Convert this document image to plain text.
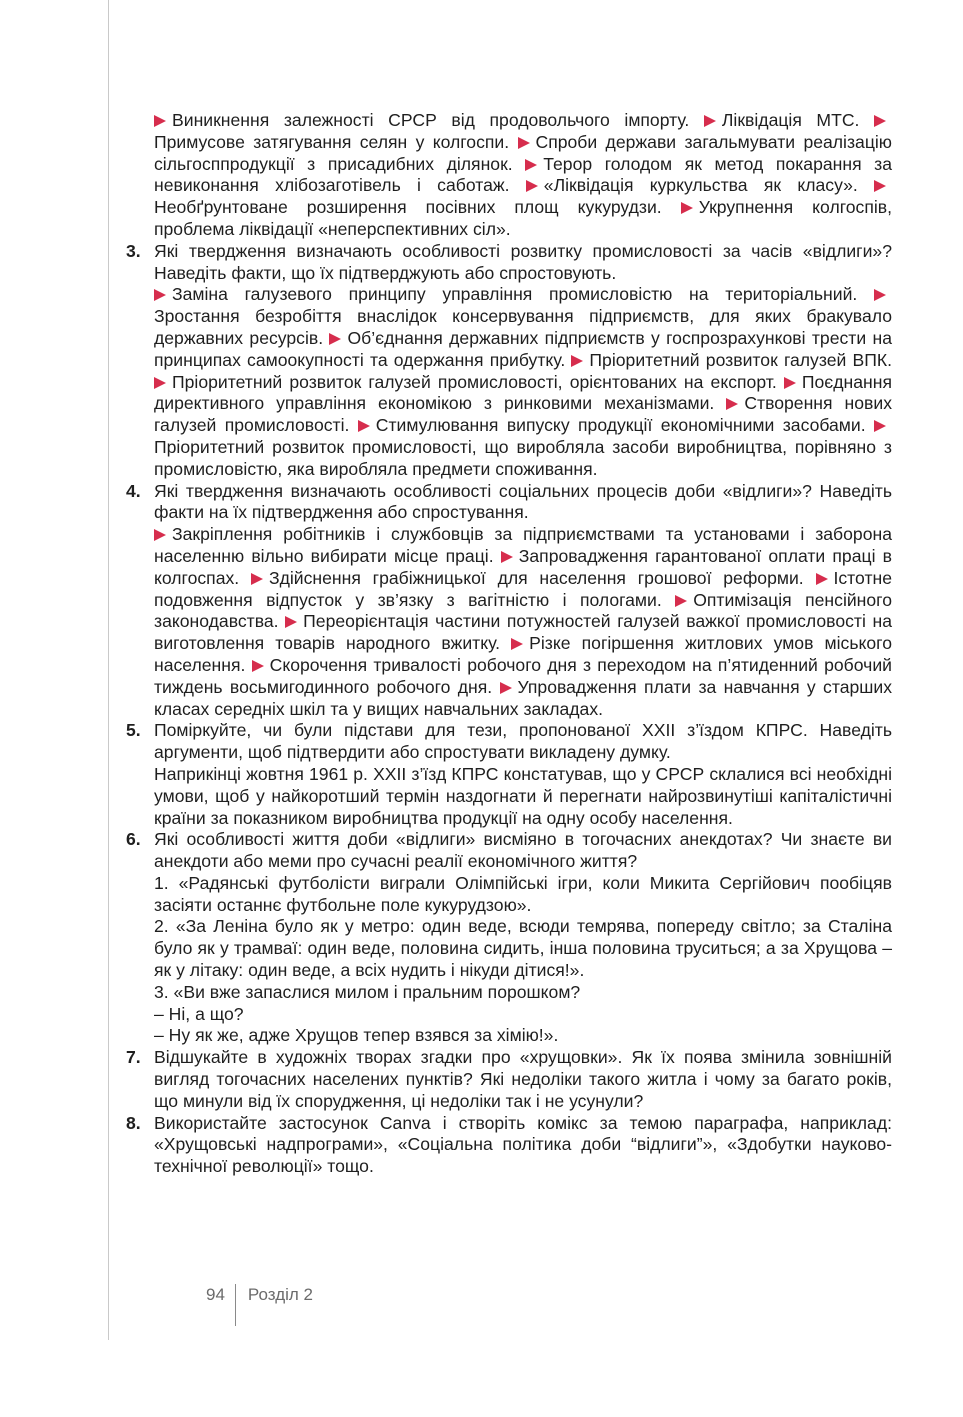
Виникнення залежності СРСР від продовольчого імпорту. Ліквідація МТС. Примусове затягування селян у колгоспи. Спроби держави загальмувати реалізацію сільгосппродукції з присадибних ділянок. Терор голодом як метод покарання за невиконання хлібозаготівель і саботаж. «Ліквідація куркульства як класу». Необґрунтоване розширення посівних площ кукурудзи. Укрупнення колгоспів, проблема ліквідації «неперспективних сіл».
3. Які твердження визначають особливості розвитку промисловості за часів «відлиги»? Наведіть факти, що їх підтверджують або спростовують.
Заміна галузевого принципу управління промисловістю на територіальний. Зростання безробіття внаслідок консервування підприємств, для яких бракувало державних ресурсів. Об’єднання державних підприємств у госпрозрахункові трести на принципах самоокупності та одержання прибутку. Пріоритетний розвиток галузей ВПК. Пріоритетний розвиток галузей промисловості, орієнтованих на експорт. Поєднання директивного управління економікою з ринковими механізмами. Створення нових галузей промисловості. Стимулювання випуску продукції економічними засобами. Пріоритетний розвиток промисловості, що виробляла засоби виробництва, порівняно з промисловістю, яка виробляла предмети споживання.
4. Які твердження визначають особливості соціальних процесів доби «відлиги»? Наведіть факти на їх підтвердження або спростування.
Закріплення робітників і службовців за підприємствами та установами і заборона населенню вільно вибирати місце праці. Запровадження гарантованої оплати праці в колгоспах. Здійснення грабіжницької для населення грошової реформи. Істотне подовження відпусток у зв’язку з вагітністю і пологами. Оптимізація пенсійного законодавства. Переорієнтація частини потужностей галузей важкої промисловості на виготовлення товарів народного вжитку. Різке погіршення житлових умов міського населення. Скорочення тривалості робочого дня з переходом на п’ятиденний робочий тиждень восьмигодинного робочого дня. Упровадження плати за навчання у старших класах середніх шкіл та у вищих навчальних закладах.
5. Поміркуйте, чи були підстави для тези, пропонованої XXII з’їздом КПРС. Наведіть аргументи, щоб підтвердити або спростувати викладену думку.
Наприкінці жовтня 1961 р. XXII з’їзд КПРС констатував, що у СРСР склалися всі необхідні умови, щоб у найкоротший термін наздогнати й перегнати найрозвинутіші капіталістичні країни за показником виробництва продукції на одну особу населення.
6. Які особливості життя доби «відлиги» висміяно в тогочасних анекдотах? Чи знаєте ви анекдоти або меми про сучасні реалії економічного життя?
1. «Радянські футболісти виграли Олімпійські ігри, коли Микита Сергійович пообіцяв засіяти останнє футбольне поле кукурудзою».
2. «За Леніна було як у метро: один веде, всюди темрява, попереду світло; за Сталіна було як у трамваї: один веде, половина сидить, інша половина труситься; а за Хрущова – як у літаку: один веде, а всіх нудить і нікуди дітися!».
3. «Ви вже запаслися милом і пральним порошком?
– Ні, а що?
– Ну як же, адже Хрущов тепер взявся за хімію!».
7. Відшукайте в художніх творах згадки про «хрущовки». Як їх поява змінила зовнішній вигляд тогочасних населених пунктів? Які недоліки такого житла і чому за багато років, що минули від їх спорудження, ці недоліки так і не усунули?
8. Використайте застосунок Canva і створіть комікс за темою параграфа, наприклад: «Хрущовські надпрограми», «Соціальна політика доби “відлиги”», «Здобутки науково-технічної революції» тощо.
94 Розділ 2
